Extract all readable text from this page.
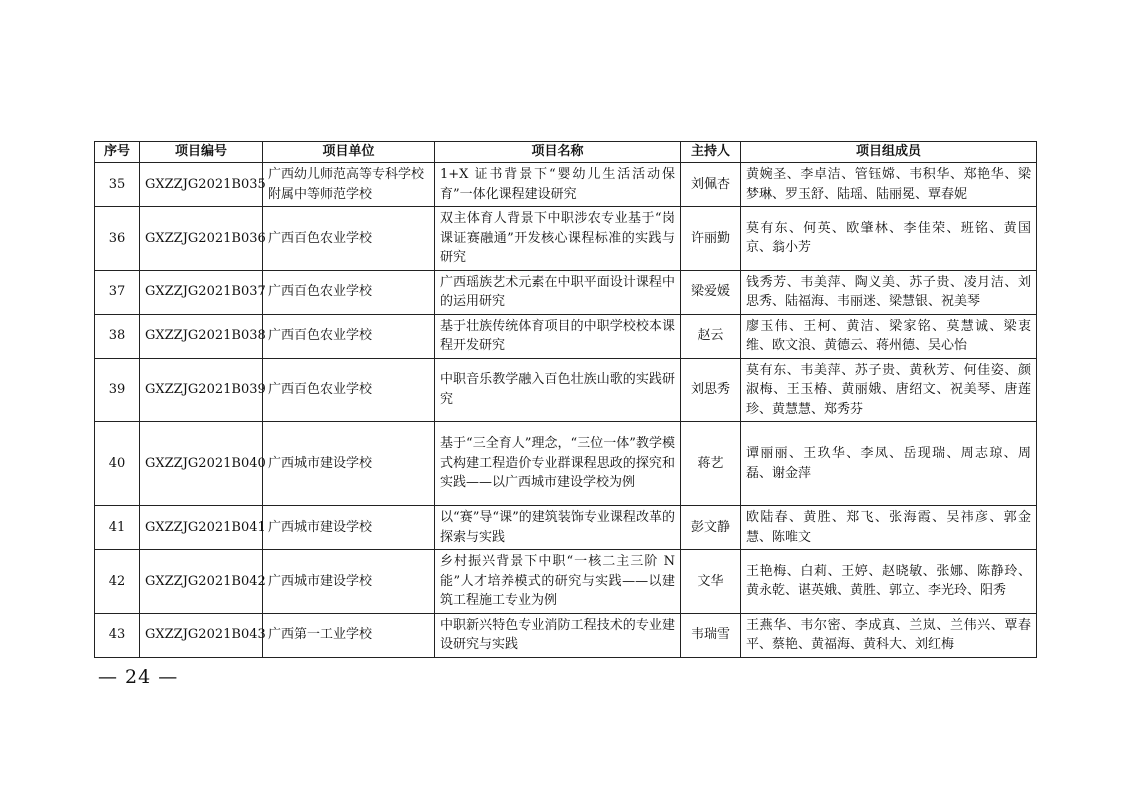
序号	项目编号	项目单位	项目名称	主持人	项目组成员
35	GXZZJG2021B035	广西幼儿师范高等专科学校附属中等师范学校	1+X 证书背景下“婴幼儿生活活动保育”一体化课程建设研究	刘佩杏	黄婉圣、李卓洁、管钰嫦、韦积华、郑艳华、梁梦琳、罗玉舒、陆瑶、陆丽冕、覃春妮
36	GXZZJG2021B036	广西百色农业学校	双主体育人背景下中职涉农专业基于“岗课证赛融通”开发核心课程标准的实践与研究	许丽勤	莫有东、何英、欧肇林、李佳荣、班铭、黄国京、翁小芳
37	GXZZJG2021B037	广西百色农业学校	广西瑶族艺术元素在中职平面设计课程中的运用研究	梁爱媛	钱秀芳、韦美萍、陶义美、苏子贵、凌月洁、刘思秀、陆福海、韦丽迷、梁慧银、祝美琴
38	GXZZJG2021B038	广西百色农业学校	基于壮族传统体育项目的中职学校校本课程开发研究	赵云	廖玉伟、王柯、黄洁、梁家铭、莫慧诚、梁衷维、欧文浪、黄德云、蒋州德、吴心怡
39	GXZZJG2021B039	广西百色农业学校	中职音乐教学融入百色壮族山歌的实践研究	刘思秀	莫有东、韦美萍、苏子贵、黄秋芳、何佳姿、颜淑梅、王玉椿、黄丽娥、唐绍文、祝美琴、唐莲珍、黄慧慧、郑秀芬
40	GXZZJG2021B040	广西城市建设学校	基于“三全育人”理念，“三位一体”教学模式构建工程造价专业群课程思政的探究和实践——以广西城市建设学校为例	蒋艺	谭丽丽、王玖华、李凤、岳现瑞、周志琼、周磊、谢金萍
41	GXZZJG2021B041	广西城市建设学校	以“赛”导“课”的建筑装饰专业课程改革的探索与实践	彭文静	欧陆春、黄胜、郑飞、张海霞、吴祎彦、郭金慧、陈唯文
42	GXZZJG2021B042	广西城市建设学校	乡村振兴背景下中职“一核二主三阶 N 能”人才培养模式的研究与实践——以建筑工程施工专业为例	文华	王艳梅、白莉、王婷、赵晓敏、张娜、陈静玲、黄永乾、谌英娥、黄胜、郭立、李光玲、阳秀
43	GXZZJG2021B043	广西第一工业学校	中职新兴特色专业消防工程技术的专业建设研究与实践	韦瑞雪	王燕华、韦尔密、李成真、兰岚、兰伟兴、覃春平、蔡艳、黄福海、黄科大、刘红梅
— 24 —
